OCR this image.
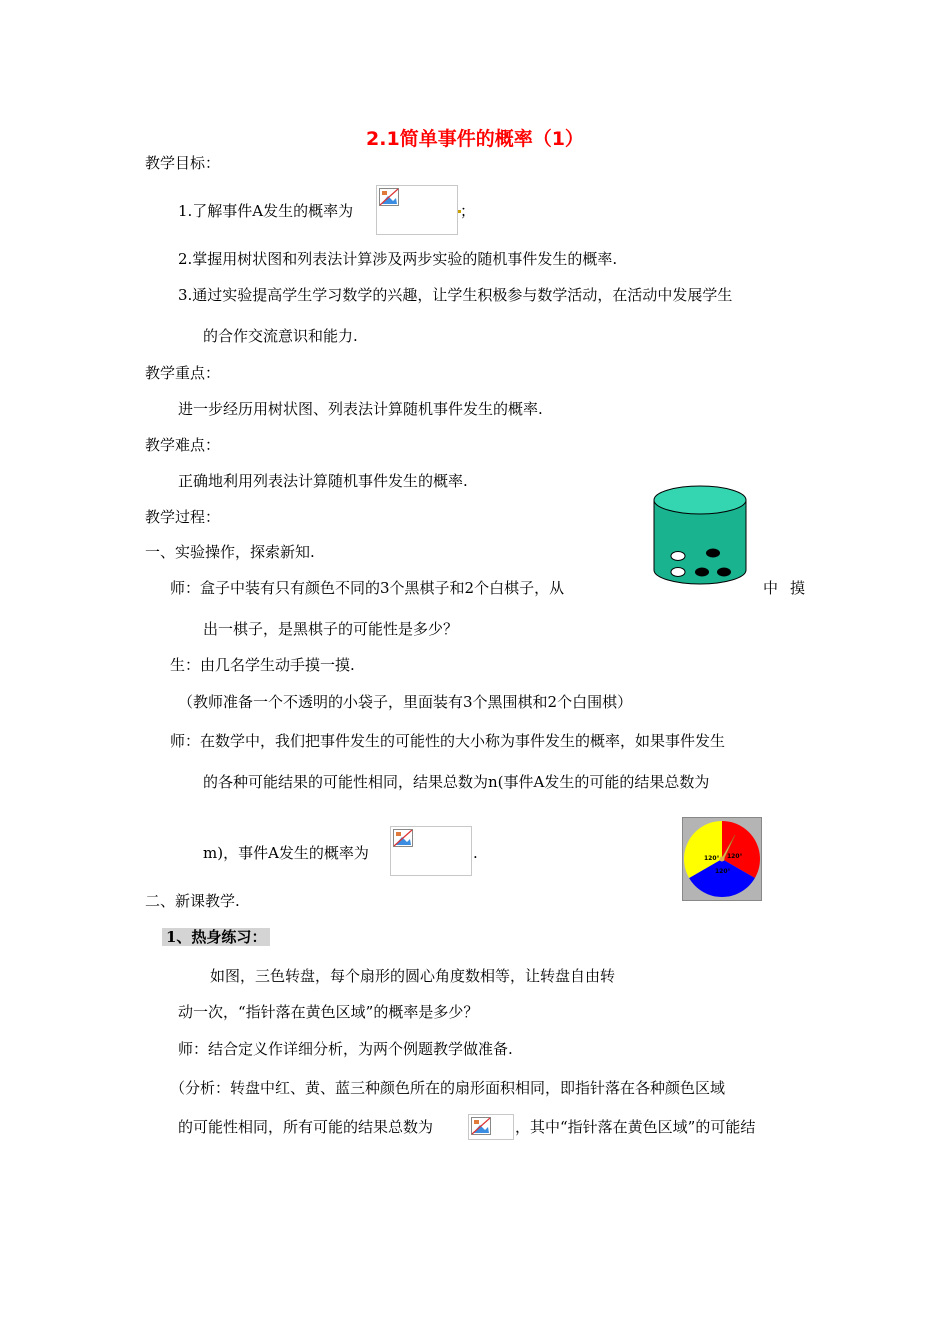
2.1简单事件的概率（1）
教学目标：
1.了解事件A发生的概率为	；
2.掌握用树状图和列表法计算涉及两步实验的随机事件发生的概率.
3.通过实验提高学生学习数学的兴趣，让学生积极参与数学活动，在活动中发展学生
的合作交流意识和能力.
教学重点：
进一步经历用树状图、列表法计算随机事件发生的概率.
教学难点：
正确地利用列表法计算随机事件发生的概率.
教学过程：
一、实验操作，探索新知.
师：盒子中装有只有颜色不同的3个黑棋子和2个白棋子，从	中 摸
出一棋子，是黑棋子的可能性是多少？
生：由几名学生动手摸一摸.
（教师准备一个不透明的小袋子，里面装有3个黑围棋和2个白围棋）
师：在数学中，我们把事件发生的可能性的大小称为事件发生的概率，如果事件发生
的各种可能结果的可能性相同，结果总数为n(事件A发生的可能的结果总数为
m)，事件A发生的概率为	.	120° 120°
120°
二、新课教学.
1、热身练习：
如图，三色转盘，每个扇形的圆心角度数相等，让转盘自由转
动一次，“指针落在黄色区域”的概率是多少？
师：结合定义作详细分析，为两个例题教学做准备.
（分析：转盘中红、黄、蓝三种颜色所在的扇形面积相同，即指针落在各种颜色区域
的可能性相同，所有可能的结果总数为	，其中“指针落在黄色区域”的可能结
